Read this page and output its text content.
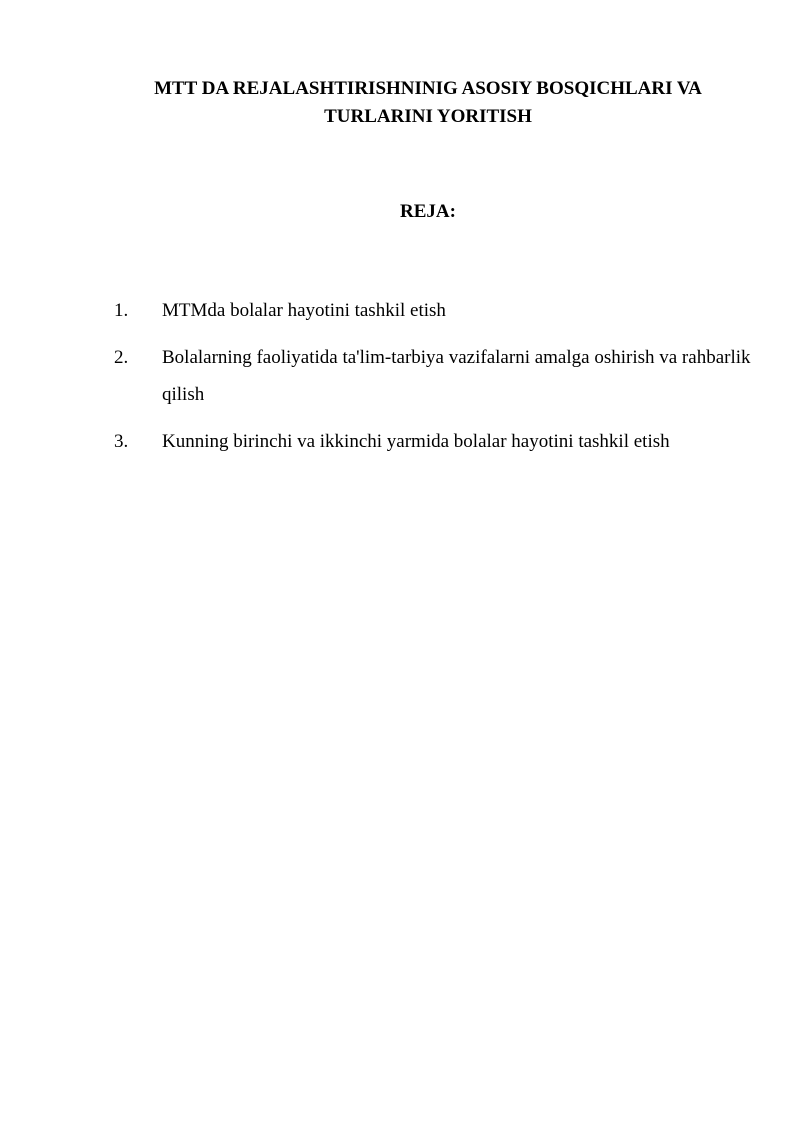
MTT DA REJALASHTIRISHNINIG ASOSIY BOSQICHLARI VA TURLARINI YORITISH
REJA:
1. MTMda bolalar hayotini tashkil etish
2. Bolalarning faoliyatida ta'lim-tarbiya vazifalarni amalga oshirish va rahbarlik qilish
3. Kunning birinchi va ikkinchi yarmida bolalar hayotini tashkil etish
